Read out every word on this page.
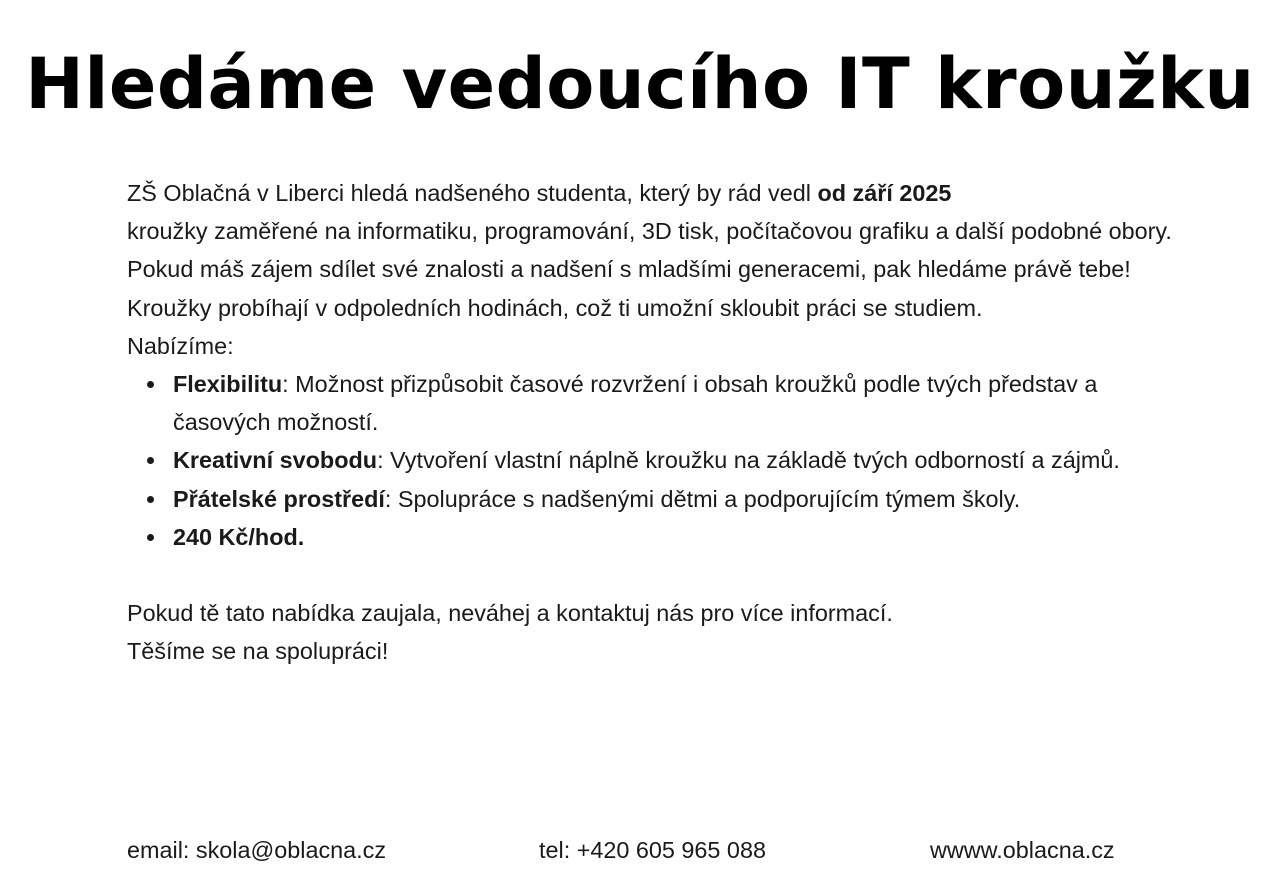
Hledáme vedoucího IT kroužku

ZŠ Oblačná v Liberci hledá nadšeného studenta, který by rád vedl od září 2025
kroužky zaměřené na informatiku, programování, 3D tisk, počítačovou grafiku a další podobné obory.

Pokud máš zájem sdílet své znalosti a nadšení s mladšími generacemi, pak hledáme právě tebe! Kroužky probíhají v odpoledních hodinách, což ti umožní skloubit práci se studiem.

Nabízíme:

Flexibilitu: Možnost přizpůsobit časové rozvržení i obsah kroužků podle tvých představ a časových možností.
Kreativní svobodu: Vytvoření vlastní náplně kroužku na základě tvých odborností a zájmů.
Přátelské prostředí: Spolupráce s nadšenými dětmi a podporujícím týmem školy.
240 Kč/hod.

Pokud tě tato nabídka zaujala, neváhej a kontaktuj nás pro více informací.

Těšíme se na spolupráci!

email: skola@oblacna.cz	tel: +420 605 965 088	wwww.oblacna.cz
